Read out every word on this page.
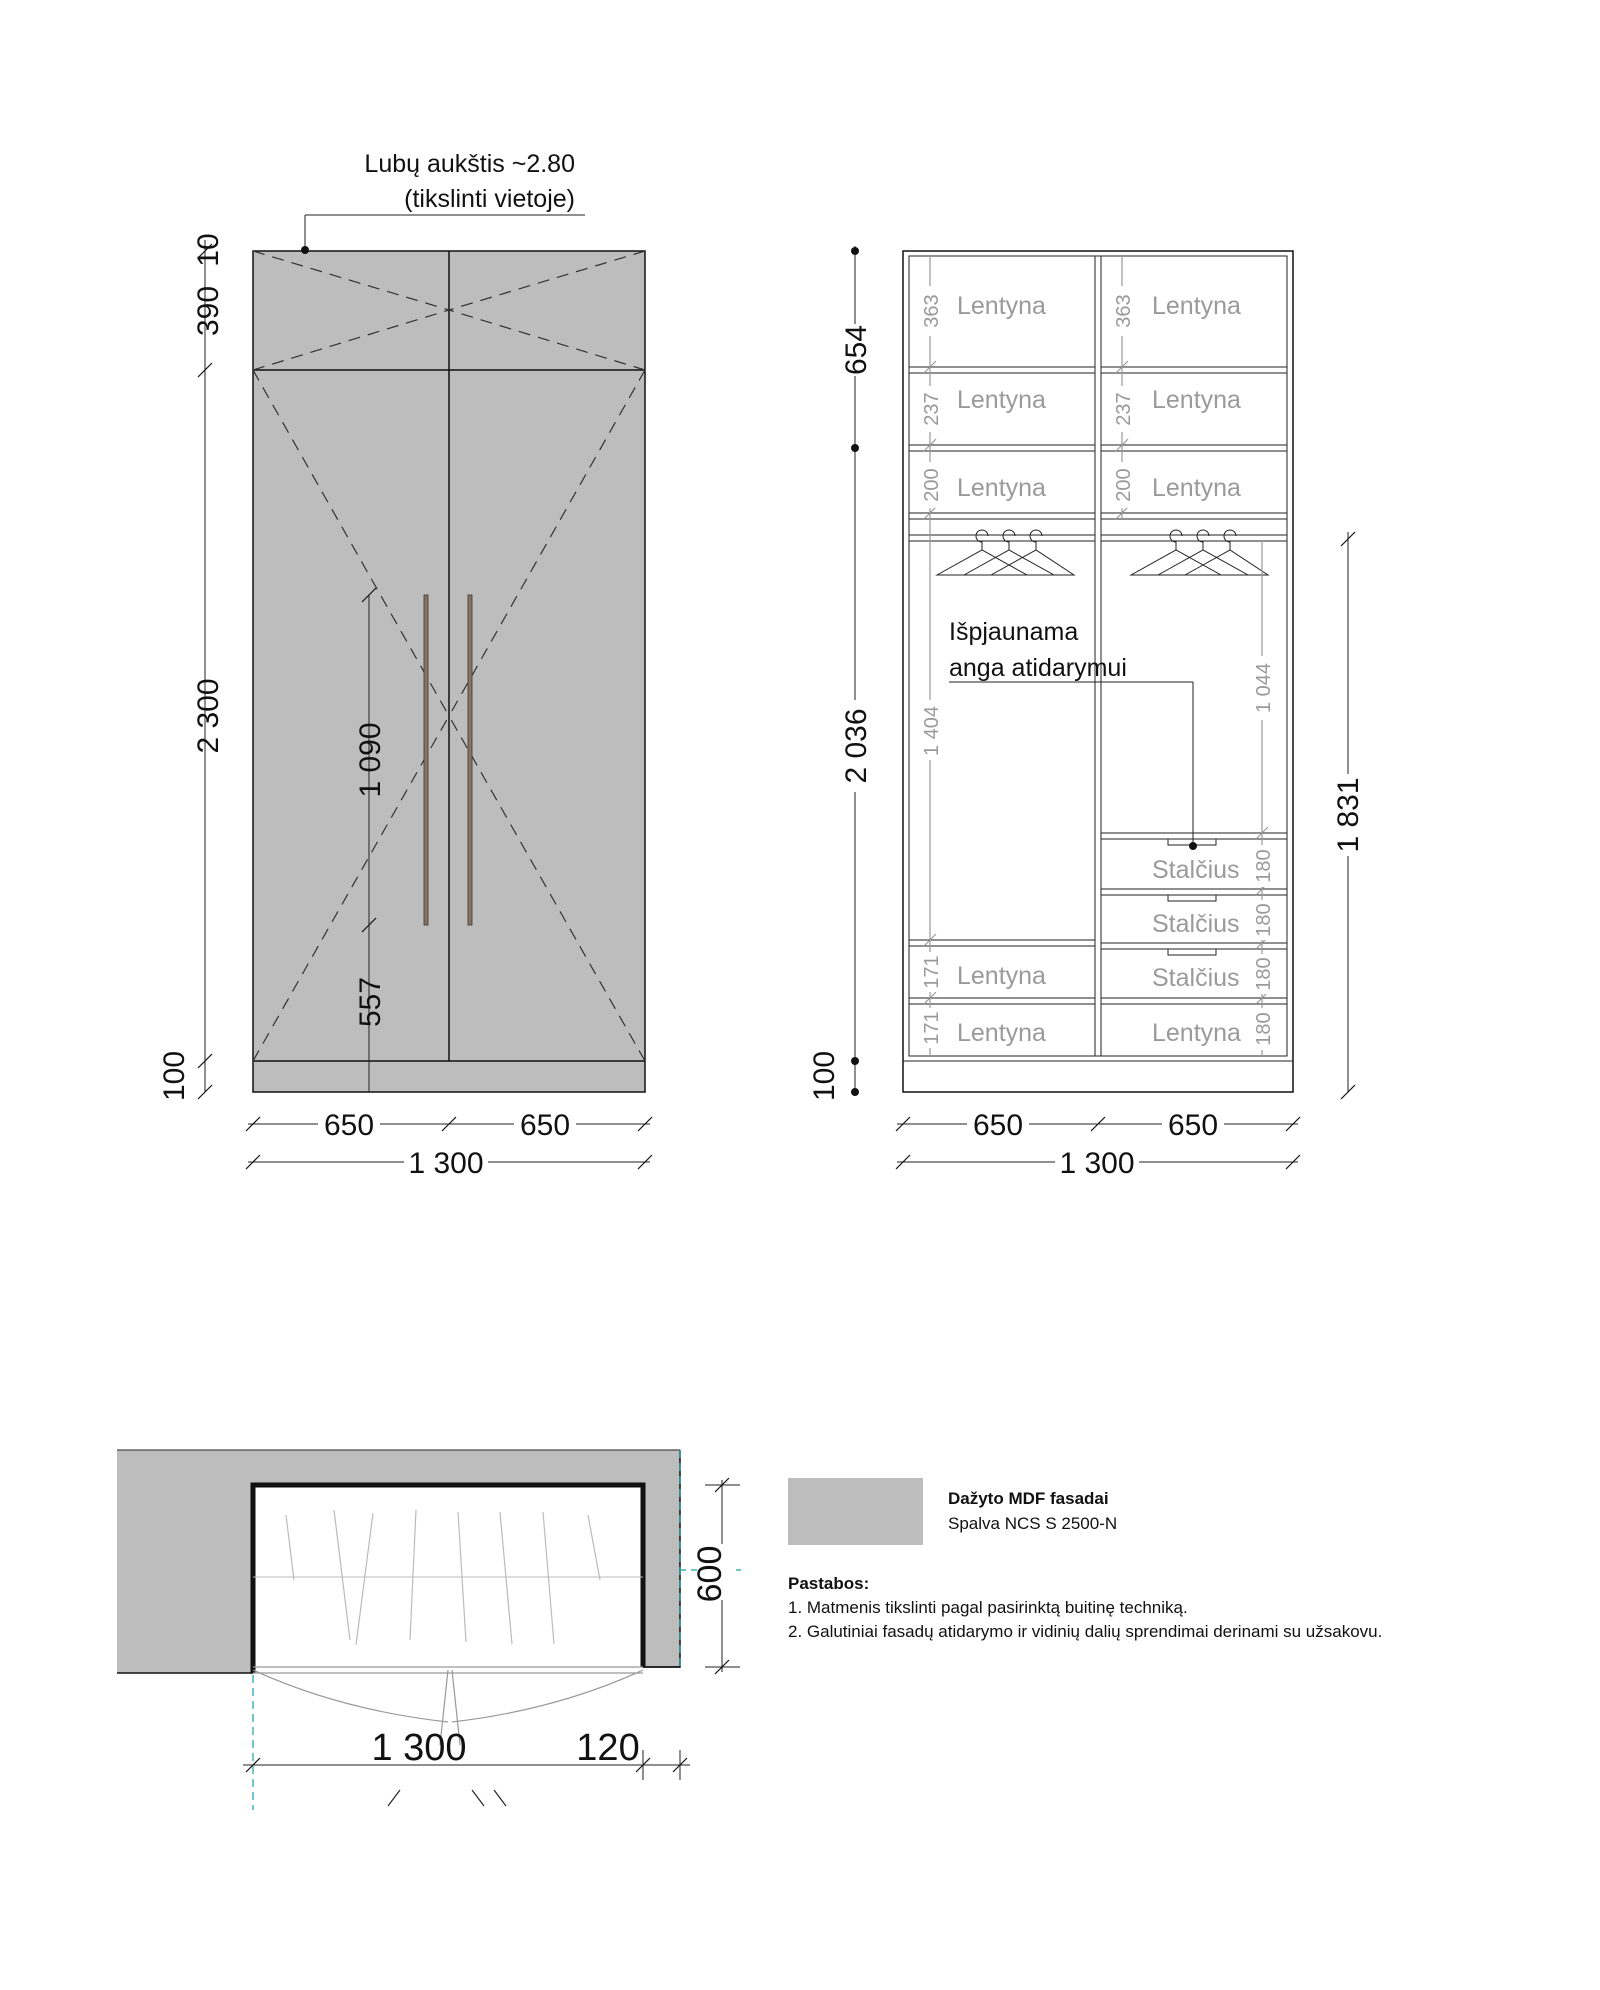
Lubų aukštis ~2.80
(tikslinti vietoje)
10
390
2 300
100
1 090
557
650	650
1 300
Lentyna	Lentyna
Lentyna	Lentyna
Lentyna	Lentyna
Lentyna
Lentyna	Lentyna
Stalčius
Stalčius
Stalčius
Išpjaunama
anga atidarymui
363
237
200
1 404
171
171
363
237
200
1 044
180
180
180
180
654
2 036
100
1 831
650	650
1 300
600
1 300	120
Dažyto MDF fasadai
Spalva NCS S 2500-N
Pastabos:
1. Matmenis tikslinti pagal pasirinktą buitinę techniką.
2. Galutiniai fasadų atidarymo ir vidinių dalių sprendimai derinami su užsakovu.
